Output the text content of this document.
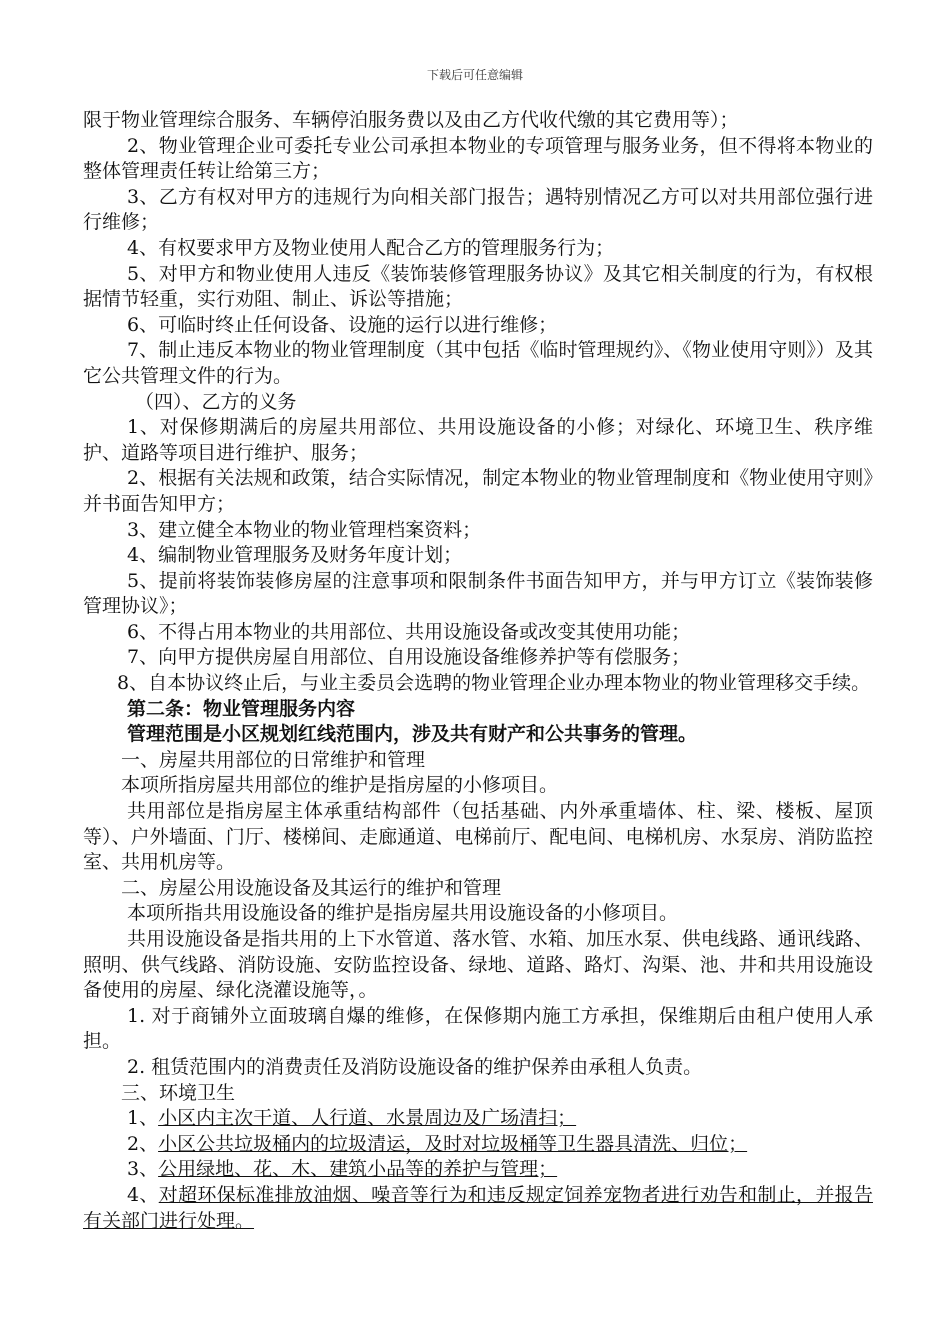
下载后可任意编辑

限于物业管理综合服务、车辆停泊服务费以及由乙方代收代缴的其它费用等）；

2、物业管理企业可委托专业公司承担本物业的专项管理与服务业务，但不得将本物业的整体管理责任转让给第三方；

3、乙方有权对甲方的违规行为向相关部门报告；遇特别情况乙方可以对共用部位强行进行维修；

4、有权要求甲方及物业使用人配合乙方的管理服务行为；

5、对甲方和物业使用人违反《装饰装修管理服务协议》及其它相关制度的行为，有权根据情节轻重，实行劝阻、制止、诉讼等措施；

6、可临时终止任何设备、设施的运行以进行维修；

7、制止违反本物业的物业管理制度（其中包括《临时管理规约》、《物业使用守则》）及其它公共管理文件的行为。

（四）、乙方的义务

1、对保修期满后的房屋共用部位、共用设施设备的小修；对绿化、环境卫生、秩序维护、道路等项目进行维护、服务；

2、根据有关法规和政策，结合实际情况，制定本物业的物业管理制度和《物业使用守则》并书面告知甲方；

3、建立健全本物业的物业管理档案资料；

4、编制物业管理服务及财务年度计划；

5、提前将装饰装修房屋的注意事项和限制条件书面告知甲方，并与甲方订立《装饰装修管理协议》；

6、不得占用本物业的共用部位、共用设施设备或改变其使用功能；

7、向甲方提供房屋自用部位、自用设施设备维修养护等有偿服务；

8、自本协议终止后，与业主委员会选聘的物业管理企业办理本物业的物业管理移交手续。

第二条：物业管理服务内容

管理范围是小区规划红线范围内，涉及共有财产和公共事务的管理。

一、房屋共用部位的日常维护和管理

本项所指房屋共用部位的维护是指房屋的小修项目。

共用部位是指房屋主体承重结构部件（包括基础、内外承重墙体、柱、梁、楼板、屋顶等）、户外墙面、门厅、楼梯间、走廊通道、电梯前厅、配电间、电梯机房、水泵房、消防监控室、共用机房等。

二、房屋公用设施设备及其运行的维护和管理

本项所指共用设施设备的维护是指房屋共用设施设备的小修项目。

共用设施设备是指共用的上下水管道、落水管、水箱、加压水泵、供电线路、通讯线路、照明、供气线路、消防设施、安防监控设备、绿地、道路、路灯、沟渠、池、井和共用设施设备使用的房屋、绿化浇灌设施等，。

1. 对于商铺外立面玻璃自爆的维修，在保修期内施工方承担，保维期后由租户使用人承担。

2. 租赁范围内的消费责任及消防设施设备的维护保养由承租人负责。

三、环境卫生

1、小区内主次干道、人行道、水景周边及广场清扫；

2、小区公共垃圾桶内的垃圾清运，及时对垃圾桶等卫生器具清洗、归位；

3、公用绿地、花、木、建筑小品等的养护与管理；

4、对超环保标准排放油烟、噪音等行为和违反规定饲养宠物者进行劝告和制止，并报告有关部门进行处理。
